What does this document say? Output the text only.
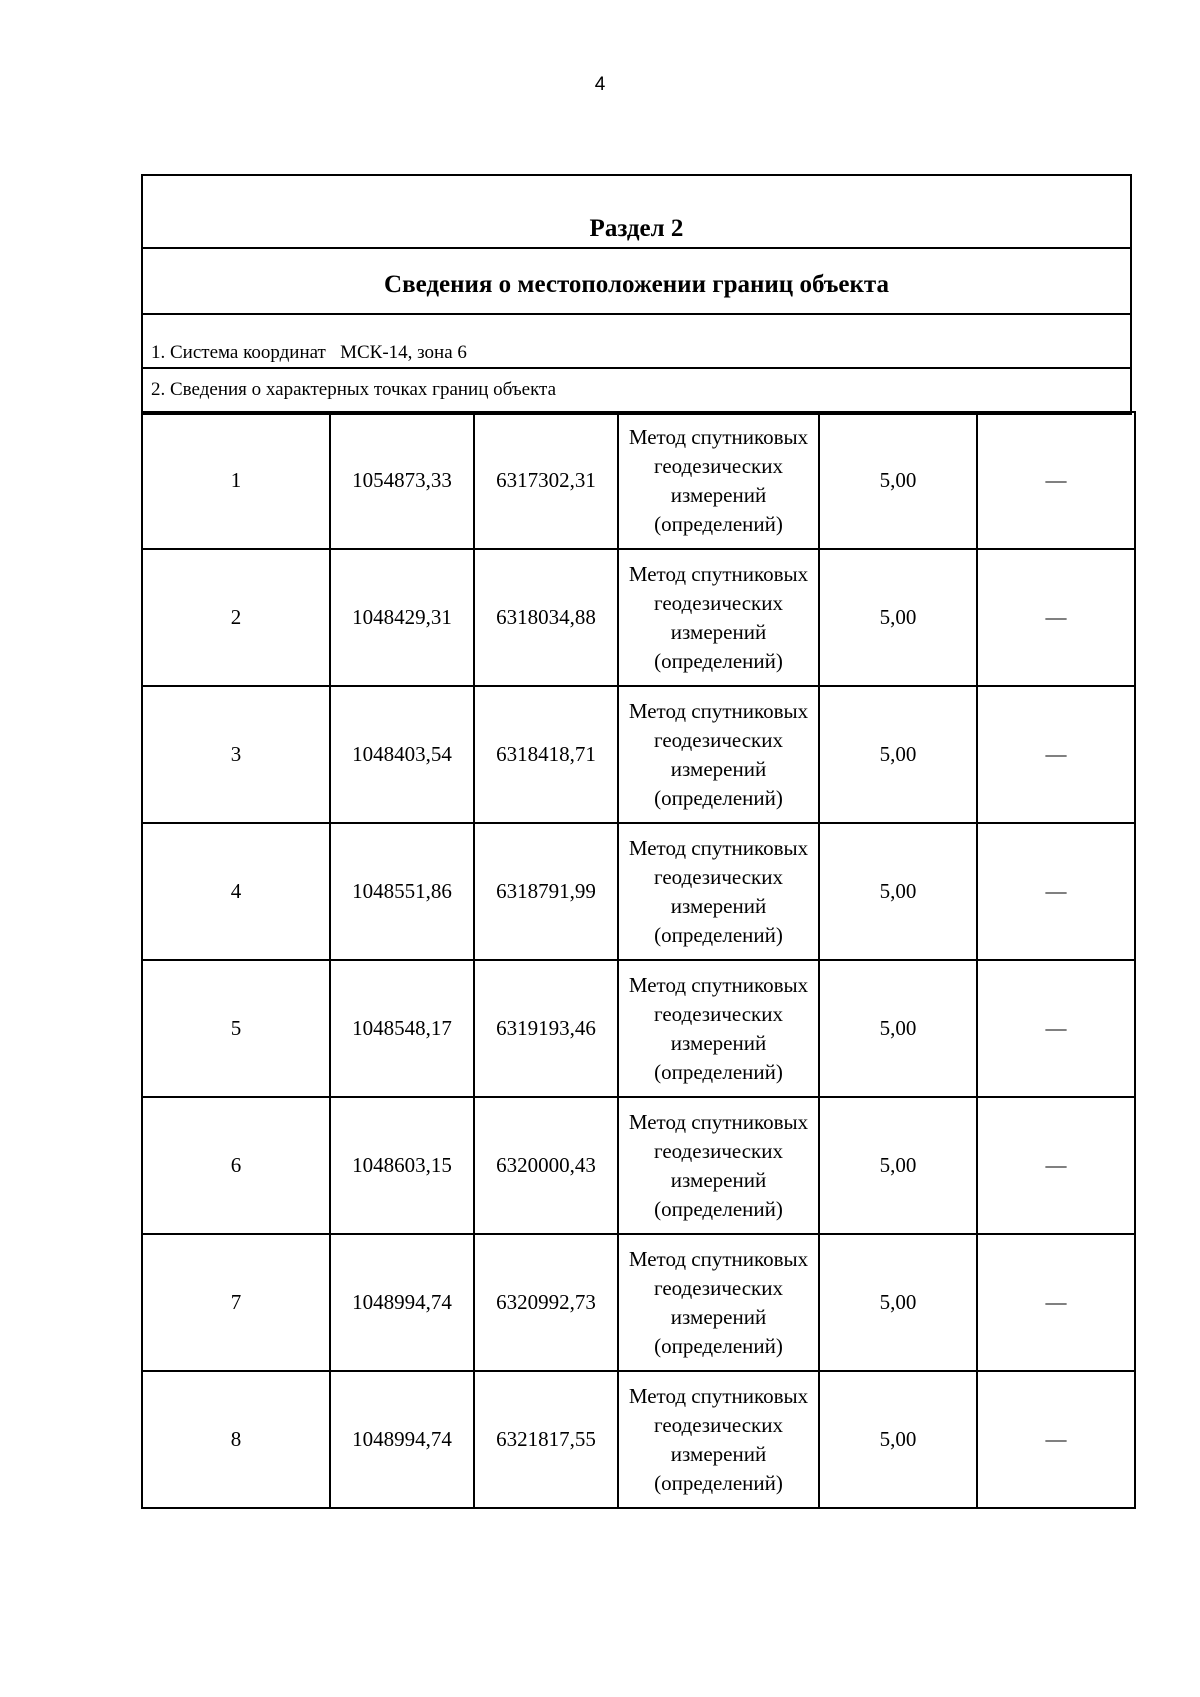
4
Раздел 2
Сведения о местоположении границ объекта
1. Система координат   МСК-14, зона 6
2. Сведения о характерных точках границ объекта
1	1054873,33	6317302,31	Метод спутниковых геодезических измерений (определений)	5,00	—
2	1048429,31	6318034,88	Метод спутниковых геодезических измерений (определений)	5,00	—
3	1048403,54	6318418,71	Метод спутниковых геодезических измерений (определений)	5,00	—
4	1048551,86	6318791,99	Метод спутниковых геодезических измерений (определений)	5,00	—
5	1048548,17	6319193,46	Метод спутниковых геодезических измерений (определений)	5,00	—
6	1048603,15	6320000,43	Метод спутниковых геодезических измерений (определений)	5,00	—
7	1048994,74	6320992,73	Метод спутниковых геодезических измерений (определений)	5,00	—
8	1048994,74	6321817,55	Метод спутниковых геодезических измерений (определений)	5,00	—
